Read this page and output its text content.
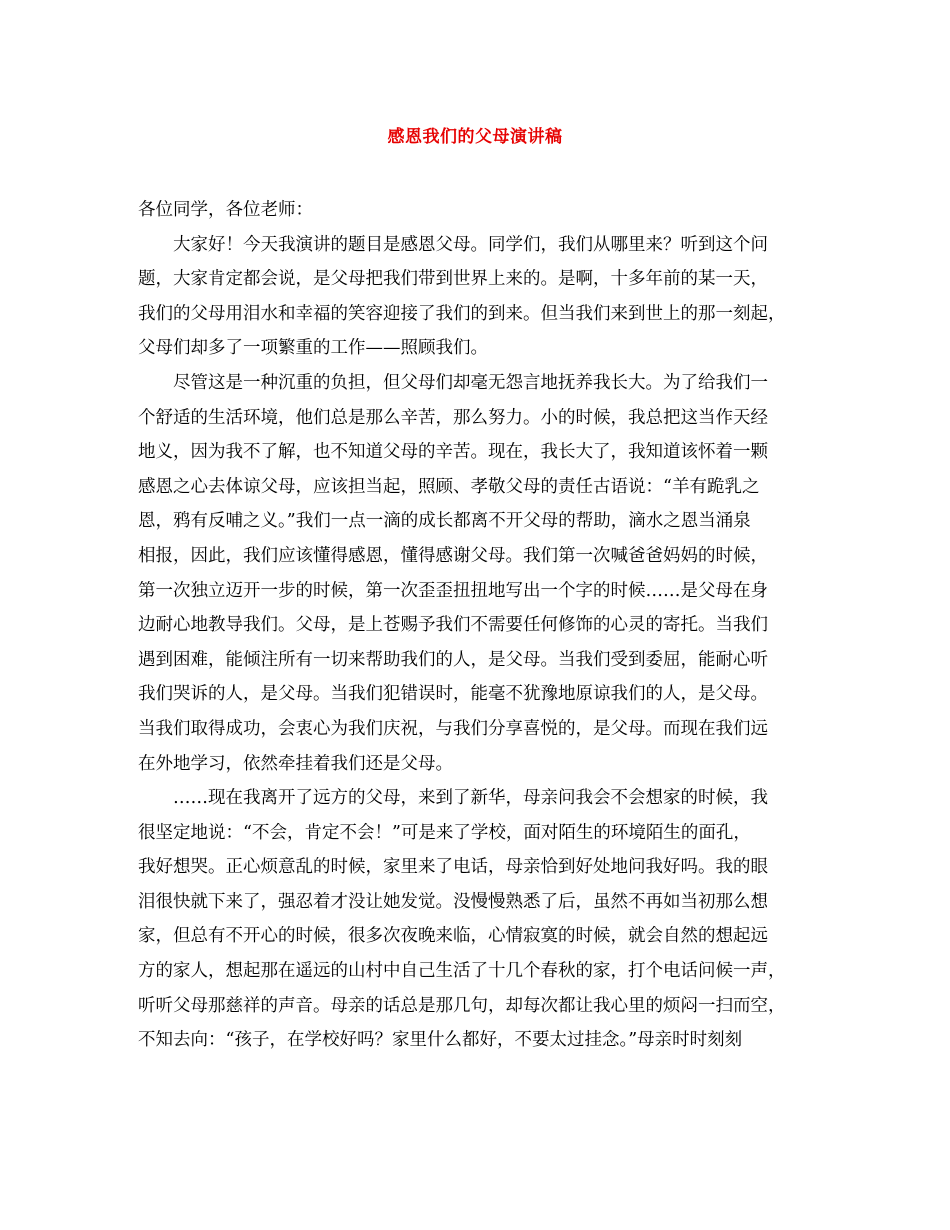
感恩我们的父母演讲稿
各位同学，各位老师：
大家好！今天我演讲的题目是感恩父母。同学们，我们从哪里来？听到这个问
题，大家肯定都会说，是父母把我们带到世界上来的。是啊，十多年前的某一天，
我们的父母用泪水和幸福的笑容迎接了我们的到来。但当我们来到世上的那一刻起，
父母们却多了一项繁重的工作——照顾我们。
尽管这是一种沉重的负担，但父母们却毫无怨言地抚养我长大。为了给我们一
个舒适的生活环境，他们总是那么辛苦，那么努力。小的时候，我总把这当作天经
地义，因为我不了解，也不知道父母的辛苦。现在，我长大了，我知道该怀着一颗
感恩之心去体谅父母，应该担当起，照顾、孝敬父母的责任古语说：“羊有跪乳之
恩，鸦有反哺之义。”我们一点一滴的成长都离不开父母的帮助，滴水之恩当涌泉
相报，因此，我们应该懂得感恩，懂得感谢父母。我们第一次喊爸爸妈妈的时候，
第一次独立迈开一步的时候，第一次歪歪扭扭地写出一个字的时候……是父母在身
边耐心地教导我们。父母，是上苍赐予我们不需要任何修饰的心灵的寄托。当我们
遇到困难，能倾注所有一切来帮助我们的人，是父母。当我们受到委屈，能耐心听
我们哭诉的人，是父母。当我们犯错误时，能毫不犹豫地原谅我们的人，是父母。
当我们取得成功，会衷心为我们庆祝，与我们分享喜悦的，是父母。而现在我们远
在外地学习，依然牵挂着我们还是父母。
……现在我离开了远方的父母，来到了新华，母亲问我会不会想家的时候，我
很坚定地说：“不会，肯定不会！”可是来了学校，面对陌生的环境陌生的面孔，
我好想哭。正心烦意乱的时候，家里来了电话，母亲恰到好处地问我好吗。我的眼
泪很快就下来了，强忍着才没让她发觉。没慢慢熟悉了后，虽然不再如当初那么想
家，但总有不开心的时候，很多次夜晚来临，心情寂寞的时候，就会自然的想起远
方的家人，想起那在遥远的山村中自己生活了十几个春秋的家，打个电话问候一声，
听听父母那慈祥的声音。母亲的话总是那几句，却每次都让我心里的烦闷一扫而空，
不知去向：“孩子，在学校好吗？家里什么都好，不要太过挂念。”母亲时时刻刻
